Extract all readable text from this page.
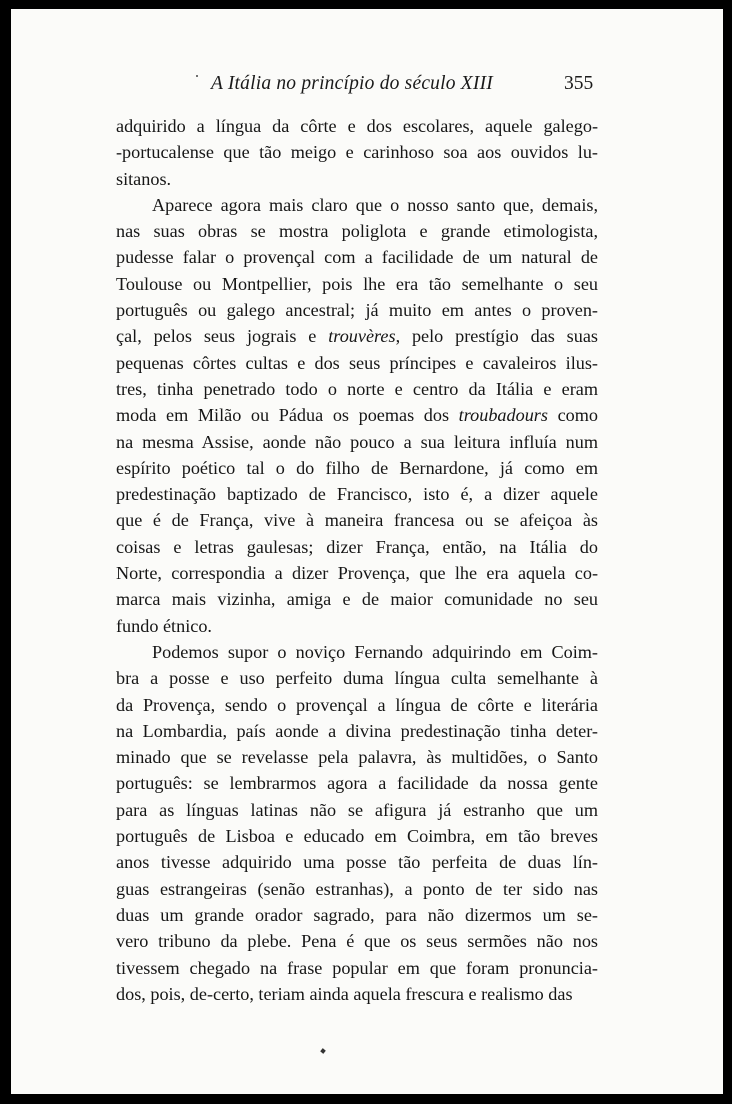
A Itália no princípio do século XIII	355
adquirido a língua da côrte e dos escolares, aquele galego-
-portucalense que tão meigo e carinhoso soa aos ouvidos lu-
sitanos.
Aparece agora mais claro que o nosso santo que, demais,
nas suas obras se mostra poliglota e grande etimologista,
pudesse falar o provençal com a facilidade de um natural de
Toulouse ou Montpellier, pois lhe era tão semelhante o seu
português ou galego ancestral; já muito em antes o proven-
çal, pelos seus jograis e trouvères, pelo prestígio das suas
pequenas côrtes cultas e dos seus príncipes e cavaleiros ilus-
tres, tinha penetrado todo o norte e centro da Itália e eram
moda em Milão ou Pádua os poemas dos troubadours como
na mesma Assise, aonde não pouco a sua leitura influía num
espírito poético tal o do filho de Bernardone, já como em
predestinação baptizado de Francisco, isto é, a dizer aquele
que é de França, vive à maneira francesa ou se afeiçoa às
coisas e letras gaulesas; dizer França, então, na Itália do
Norte, correspondia a dizer Provença, que lhe era aquela co-
marca mais vizinha, amiga e de maior comunidade no seu
fundo étnico.
Podemos supor o noviço Fernando adquirindo em Coim-
bra a posse e uso perfeito duma língua culta semelhante à
da Provença, sendo o provençal a língua de côrte e literária
na Lombardia, país aonde a divina predestinação tinha deter-
minado que se revelasse pela palavra, às multidões, o Santo
português: se lembrarmos agora a facilidade da nossa gente
para as línguas latinas não se afigura já estranho que um
português de Lisboa e educado em Coimbra, em tão breves
anos tivesse adquirido uma posse tão perfeita de duas lín-
guas estrangeiras (senão estranhas), a ponto de ter sido nas
duas um grande orador sagrado, para não dizermos um se-
vero tribuno da plebe. Pena é que os seus sermões não nos
tivessem chegado na frase popular em que foram pronuncia-
dos, pois, de-certo, teriam ainda aquela frescura e realismo das
